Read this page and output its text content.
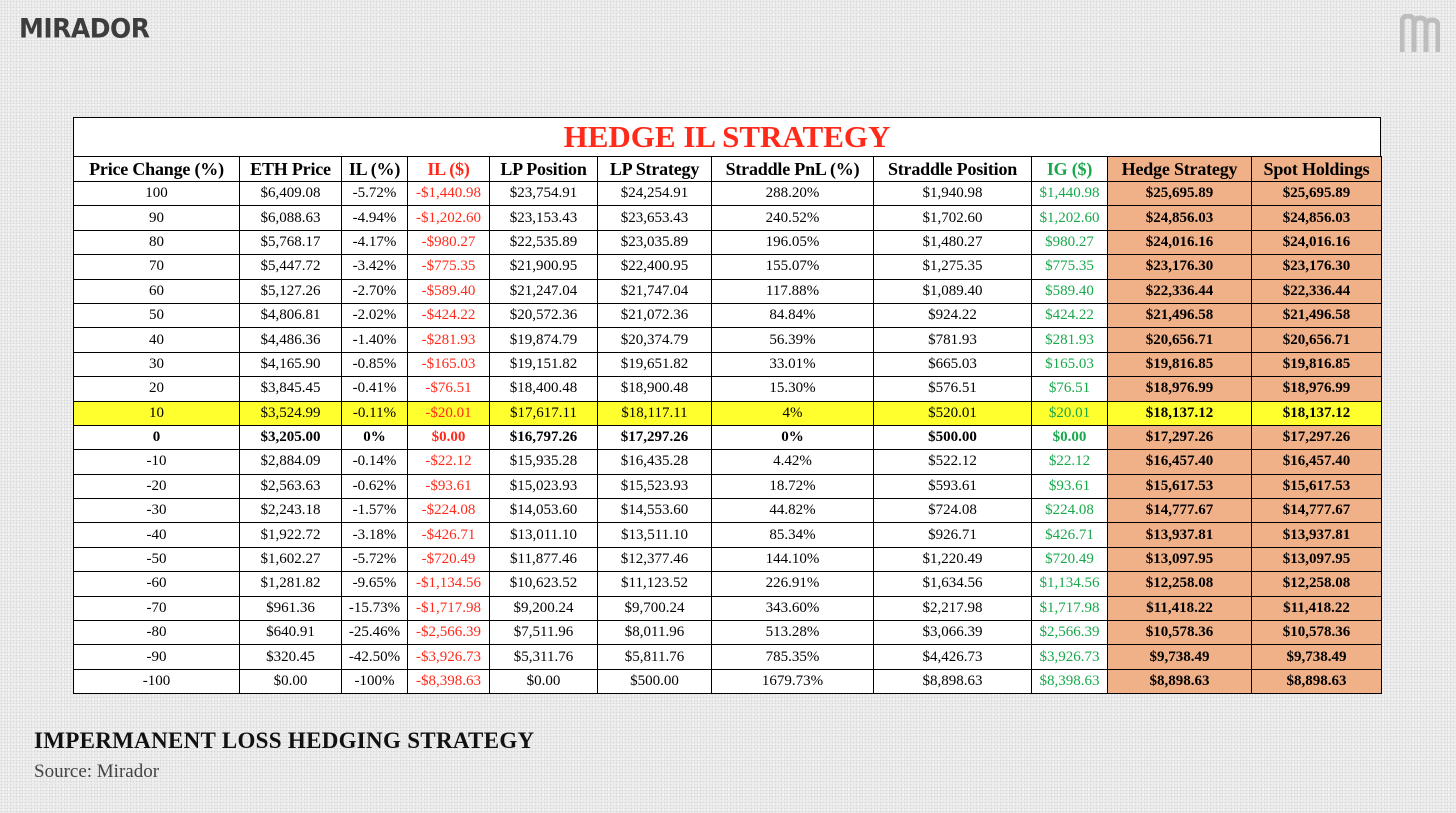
MIRADOR
HEDGE IL STRATEGY
Price Change (%)	ETH Price	IL (%)	IL ($)	LP Position	LP Strategy	Straddle PnL (%)	Straddle Position	IG ($)	Hedge Strategy	Spot Holdings
100	$6,409.08	-5.72%	-$1,440.98	$23,754.91	$24,254.91	288.20%	$1,940.98	$1,440.98	$25,695.89	$25,695.89
90	$6,088.63	-4.94%	-$1,202.60	$23,153.43	$23,653.43	240.52%	$1,702.60	$1,202.60	$24,856.03	$24,856.03
80	$5,768.17	-4.17%	-$980.27	$22,535.89	$23,035.89	196.05%	$1,480.27	$980.27	$24,016.16	$24,016.16
70	$5,447.72	-3.42%	-$775.35	$21,900.95	$22,400.95	155.07%	$1,275.35	$775.35	$23,176.30	$23,176.30
60	$5,127.26	-2.70%	-$589.40	$21,247.04	$21,747.04	117.88%	$1,089.40	$589.40	$22,336.44	$22,336.44
50	$4,806.81	-2.02%	-$424.22	$20,572.36	$21,072.36	84.84%	$924.22	$424.22	$21,496.58	$21,496.58
40	$4,486.36	-1.40%	-$281.93	$19,874.79	$20,374.79	56.39%	$781.93	$281.93	$20,656.71	$20,656.71
30	$4,165.90	-0.85%	-$165.03	$19,151.82	$19,651.82	33.01%	$665.03	$165.03	$19,816.85	$19,816.85
20	$3,845.45	-0.41%	-$76.51	$18,400.48	$18,900.48	15.30%	$576.51	$76.51	$18,976.99	$18,976.99
10	$3,524.99	-0.11%	-$20.01	$17,617.11	$18,117.11	4%	$520.01	$20.01	$18,137.12	$18,137.12
0	$3,205.00	0%	$0.00	$16,797.26	$17,297.26	0%	$500.00	$0.00	$17,297.26	$17,297.26
-10	$2,884.09	-0.14%	-$22.12	$15,935.28	$16,435.28	4.42%	$522.12	$22.12	$16,457.40	$16,457.40
-20	$2,563.63	-0.62%	-$93.61	$15,023.93	$15,523.93	18.72%	$593.61	$93.61	$15,617.53	$15,617.53
-30	$2,243.18	-1.57%	-$224.08	$14,053.60	$14,553.60	44.82%	$724.08	$224.08	$14,777.67	$14,777.67
-40	$1,922.72	-3.18%	-$426.71	$13,011.10	$13,511.10	85.34%	$926.71	$426.71	$13,937.81	$13,937.81
-50	$1,602.27	-5.72%	-$720.49	$11,877.46	$12,377.46	144.10%	$1,220.49	$720.49	$13,097.95	$13,097.95
-60	$1,281.82	-9.65%	-$1,134.56	$10,623.52	$11,123.52	226.91%	$1,634.56	$1,134.56	$12,258.08	$12,258.08
-70	$961.36	-15.73%	-$1,717.98	$9,200.24	$9,700.24	343.60%	$2,217.98	$1,717.98	$11,418.22	$11,418.22
-80	$640.91	-25.46%	-$2,566.39	$7,511.96	$8,011.96	513.28%	$3,066.39	$2,566.39	$10,578.36	$10,578.36
-90	$320.45	-42.50%	-$3,926.73	$5,311.76	$5,811.76	785.35%	$4,426.73	$3,926.73	$9,738.49	$9,738.49
-100	$0.00	-100%	-$8,398.63	$0.00	$500.00	1679.73%	$8,898.63	$8,398.63	$8,898.63	$8,898.63
IMPERMANENT LOSS HEDGING STRATEGY
Source: Mirador
